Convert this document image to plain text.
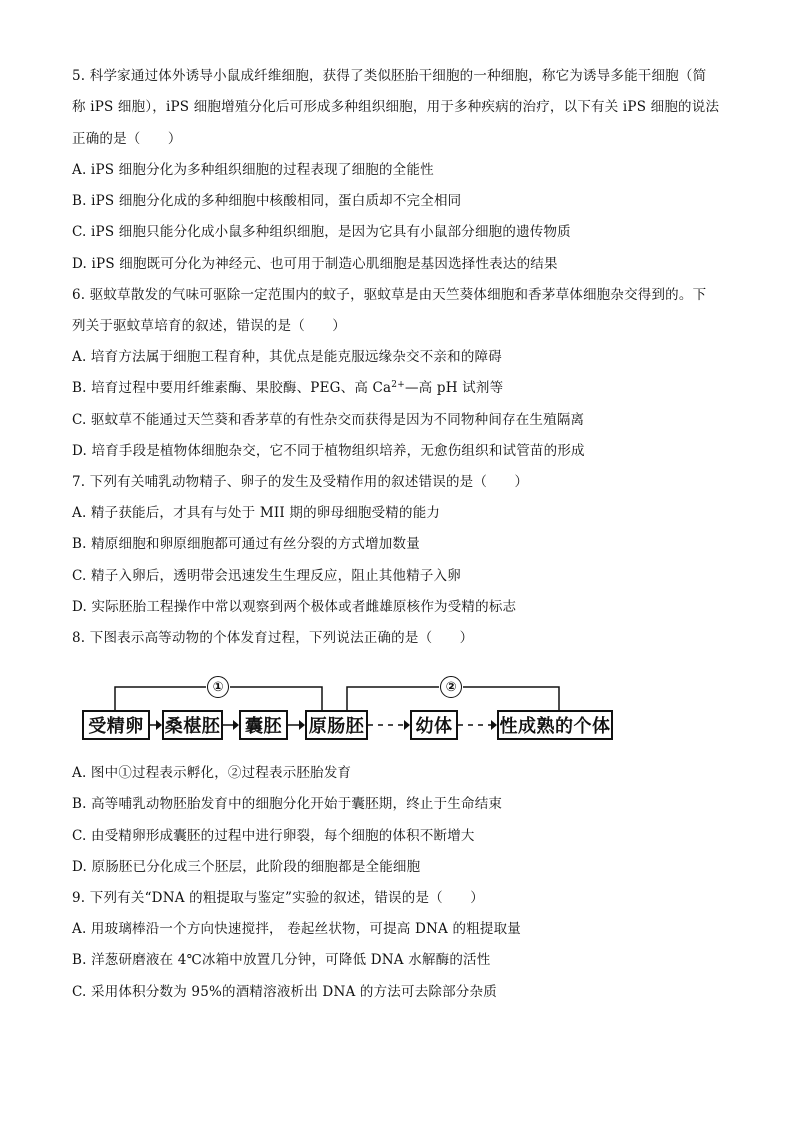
5. 科学家通过体外诱导小鼠成纤维细胞，获得了类似胚胎干细胞的一种细胞，称它为诱导多能干细胞（简
称 iPS 细胞），iPS 细胞增殖分化后可形成多种组织细胞，用于多种疾病的治疗，以下有关 iPS 细胞的说法
正确的是（　　）
A. iPS 细胞分化为多种组织细胞的过程表现了细胞的全能性
B. iPS 细胞分化成的多种细胞中核酸相同，蛋白质却不完全相同
C. iPS 细胞只能分化成小鼠多种组织细胞，是因为它具有小鼠部分细胞的遗传物质
D. iPS 细胞既可分化为神经元、也可用于制造心肌细胞是基因选择性表达的结果
6. 驱蚊草散发的气味可驱除一定范围内的蚊子，驱蚊草是由天竺葵体细胞和香茅草体细胞杂交得到的。下
列关于驱蚊草培育的叙述，错误的是（　　）
A. 培育方法属于细胞工程育种，其优点是能克服远缘杂交不亲和的障碍
B. 培育过程中要用纤维素酶、果胶酶、PEG、高 $Ca^{2+}—$高 pH 试剂等
C. 驱蚊草不能通过天竺葵和香茅草的有性杂交而获得是因为不同物种间存在生殖隔离
D. 培育手段是植物体细胞杂交，它不同于植物组织培养，无愈伤组织和试管苗的形成
7. 下列有关哺乳动物精子、卵子的发生及受精作用的叙述错误的是（　　）
A. 精子获能后，才具有与处于 MII 期的卵母细胞受精的能力
B. 精原细胞和卵原细胞都可通过有丝分裂的方式增加数量
C. 精子入卵后，透明带会迅速发生生理反应，阻止其他精子入卵
D. 实际胚胎工程操作中常以观察到两个极体或者雌雄原核作为受精的标志
8. 下图表示高等动物的个体发育过程，下列说法正确的是（　　）
①	②
受精卵	桑椹胚	囊胚	原肠胚	幼体	性成熟的个体
A. 图中①过程表示孵化，②过程表示胚胎发育
B. 高等哺乳动物胚胎发育中的细胞分化开始于囊胚期，终止于生命结束
C. 由受精卵形成囊胚的过程中进行卵裂，每个细胞的体积不断增大
D. 原肠胚已分化成三个胚层，此阶段的细胞都是全能细胞
9. 下列有关“DNA 的粗提取与鉴定”实验的叙述，错误的是（　　）
A. 用玻璃棒沿一个方向快速搅拌， 卷起丝状物，可提高 DNA 的粗提取量
B. 洋葱研磨液在 4℃冰箱中放置几分钟，可降低 DNA 水解酶的活性
C. 采用体积分数为 95%的酒精溶液析出 DNA 的方法可去除部分杂质
